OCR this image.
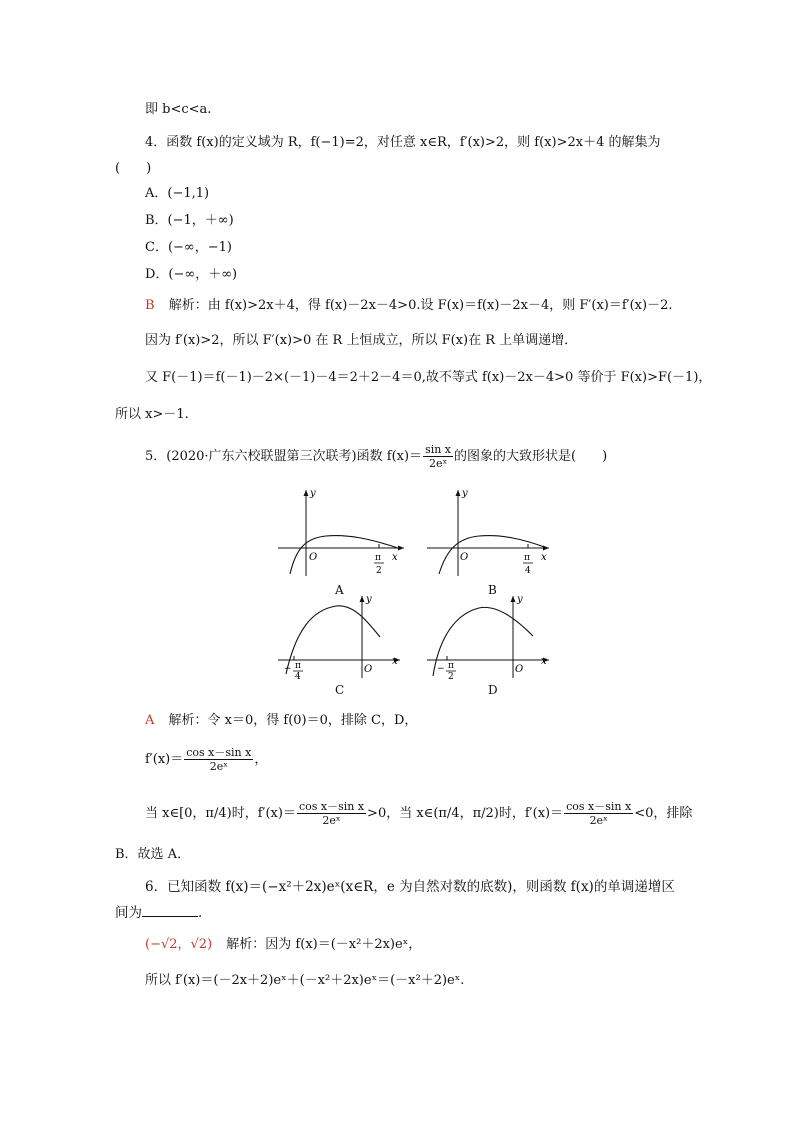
即 b<c<a.
4．函数 f(x)的定义域为 R，f(−1)=2，对任意 x∈R，f′(x)>2，则 f(x)>2x＋4 的解集为
(　　)
A．(−1,1)
B．(−1，＋∞)
C．(−∞，−1)
D．(−∞，＋∞)
B 解析：由 f(x)>2x＋4，得 f(x)－2x－4>0.设 F(x)＝f(x)－2x－4，则 F′(x)＝f′(x)－2.
因为 f′(x)>2，所以 F′(x)>0 在 R 上恒成立，所以 F(x)在 R 上单调递增．
又 F(－1)＝f(－1)－2×(－1)－4＝2＋2－4＝0,故不等式 f(x)－2x－4>0 等价于 F(x)>F(－1)，
所以 x>－1.
5．(2020·广东六校联盟第三次联考)函数 $f(x)= \frac{\text{sin x}}{\text{2eˣ}}$ 的图象的大致形状是(　　)
y
x
O	π
2
A
y
x
O	π
4
B
y
x
O
− π
4
C
y
x
O
− π
2
D
A 解析：令 x＝0，得 f(0)＝0，排除 C，D，
$f'(x)= \frac{\text{cos x－sin x}}{\text{2eˣ}}$ ，
当 x∈[0，π/4)时，$f'(x)= \frac{\text{cos x－sin x}}{\text{2eˣ}} >0$，当 x∈(π/4，π/2)时，$f'(x)= \frac{\text{cos x－sin x}}{\text{2eˣ}} <0$，排除
B．故选 A．
6．已知函数 f(x)＝(−x²＋2x)eˣ(x∈R，e 为自然对数的底数)，则函数 f(x)的单调递增区
间为	．
(−√2，√2) 解析：因为 f(x)＝(－x²＋2x)eˣ，
所以 f′(x)＝(－2x＋2)eˣ＋(－x²＋2x)eˣ＝(－x²＋2)eˣ.
